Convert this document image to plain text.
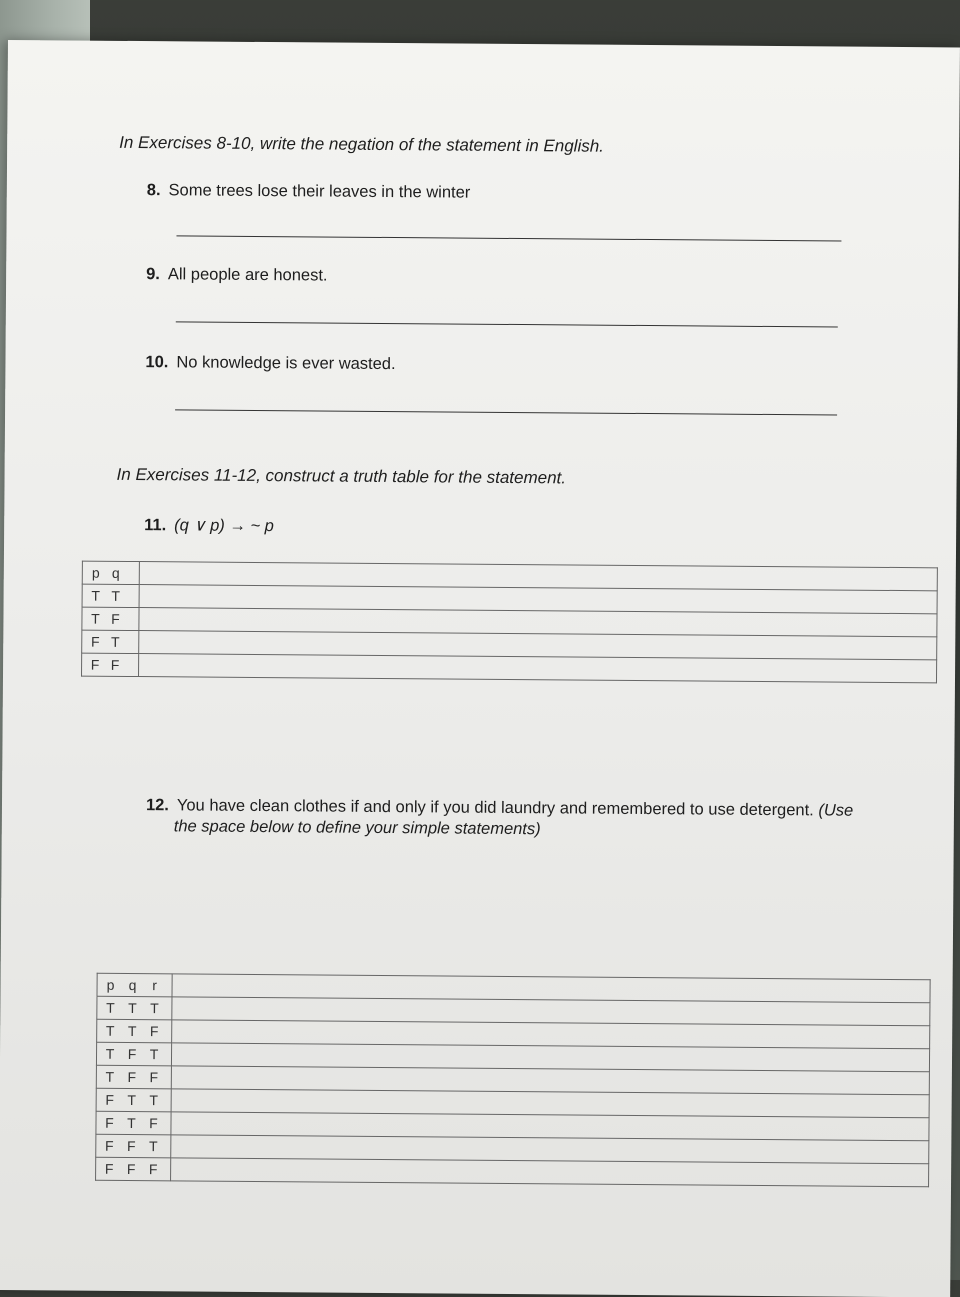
In Exercises 8-10, write the negation of the statement in English.

8. Some trees lose their leaves in the winter
9. All people are honest.
10. No knowledge is ever wasted.

In Exercises 11-12, construct a truth table for the statement.

11. (q ∨ p) → ~ p
p q	
T T	
T F	
F T	
F F	
12. You have clean clothes if and only if you did laundry and remembered to use detergent. (Use
the space below to define your simple statements)
p q r	
T T T	
T T F	
T F T	
T F F	
F T T	
F T F	
F F T	
F F F	
